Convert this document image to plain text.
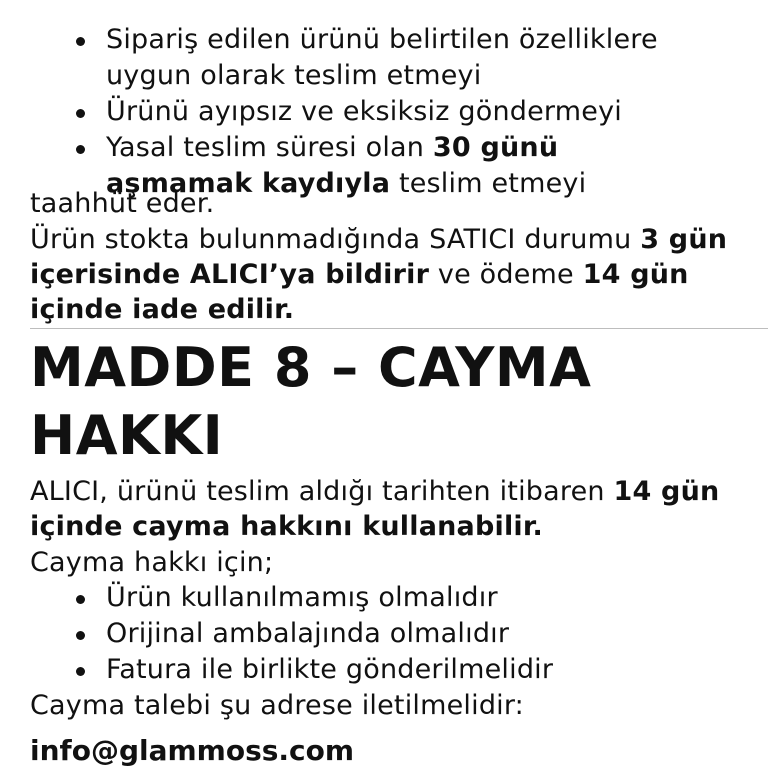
Sipariş edilen ürünü belirtilen özelliklere uygun olarak teslim etmeyi
Ürünü ayıpsız ve eksiksiz göndermeyi
Yasal teslim süresi olan 30 günü aşmamak kaydıyla teslim etmeyi

taahhüt eder.

Ürün stokta bulunmadığında SATICI durumu 3 gün içerisinde ALICI’ya bildirir ve ödeme 14 gün içinde iade edilir.

MADDE 8 – CAYMA HAKKI

ALICI, ürünü teslim aldığı tarihten itibaren 14 gün içinde cayma hakkını kullanabilir.

Cayma hakkı için;

Ürün kullanılmamış olmalıdır
Orijinal ambalajında olmalıdır
Fatura ile birlikte gönderilmelidir

Cayma talebi şu adrese iletilmelidir:

info@glammoss.com
